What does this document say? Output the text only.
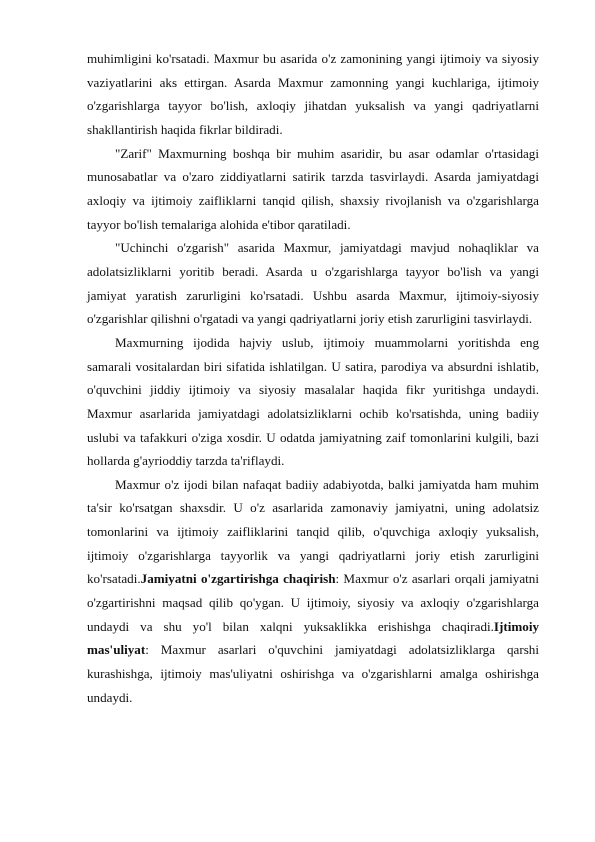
muhimligini ko'rsatadi. Maxmur bu asarida o'z zamonining yangi ijtimoiy va siyosiy vaziyatlarini aks ettirgan. Asarda Maxmur zamonning yangi kuchlariga, ijtimoiy o'zgarishlarga tayyor bo'lish, axloqiy jihatdan yuksalish va yangi qadriyatlarni shakllantirish haqida fikrlar bildiradi.

"Zarif" Maxmurning boshqa bir muhim asaridir, bu asar odamlar o'rtasidagi munosabatlar va o'zaro ziddiyatlarni satirik tarzda tasvirlaydi. Asarda jamiyatdagi axloqiy va ijtimoiy zaifliklarni tanqid qilish, shaxsiy rivojlanish va o'zgarishlarga tayyor bo'lish temalariga alohida e'tibor qaratiladi.

"Uchinchi o'zgarish" asarida Maxmur, jamiyatdagi mavjud nohaqliklar va adolatsizliklarni yoritib beradi. Asarda u o'zgarishlarga tayyor bo'lish va yangi jamiyat yaratish zarurligini ko'rsatadi. Ushbu asarda Maxmur, ijtimoiy-siyosiy o'zgarishlar qilishni o'rgatadi va yangi qadriyatlarni joriy etish zarurligini tasvirlaydi.

Maxmurning ijodida hajviy uslub, ijtimoiy muammolarni yoritishda eng samarali vositalardan biri sifatida ishlatilgan. U satira, parodiya va absurdni ishlatib, o'quvchini jiddiy ijtimoiy va siyosiy masalalar haqida fikr yuritishga undaydi. Maxmur asarlarida jamiyatdagi adolatsizliklarni ochib ko'rsatishda, uning badiiy uslubi va tafakkuri o'ziga xosdir. U odatda jamiyatning zaif tomonlarini kulgili, bazi hollarda g'ayrioddiy tarzda ta'riflaydi.

Maxmur o'z ijodi bilan nafaqat badiiy adabiyotda, balki jamiyatda ham muhim ta'sir ko'rsatgan shaxsdir. U o'z asarlarida zamonaviy jamiyatni, uning adolatsiz tomonlarini va ijtimoiy zaifliklarini tanqid qilib, o'quvchiga axloqiy yuksalish, ijtimoiy o'zgarishlarga tayyorlik va yangi qadriyatlarni joriy etish zarurligini ko'rsatadi.Jamiyatni o'zgartirishga chaqirish: Maxmur o'z asarlari orqali jamiyatni o'zgartirishni maqsad qilib qo'ygan. U ijtimoiy, siyosiy va axloqiy o'zgarishlarga undaydi va shu yo'l bilan xalqni yuksaklikka erishishga chaqiradi.Ijtimoiy mas'uliyat: Maxmur asarlari o'quvchini jamiyatdagi adolatsizliklarga qarshi kurashishga, ijtimoiy mas'uliyatni oshirishga va o'zgarishlarni amalga oshirishga undaydi.
